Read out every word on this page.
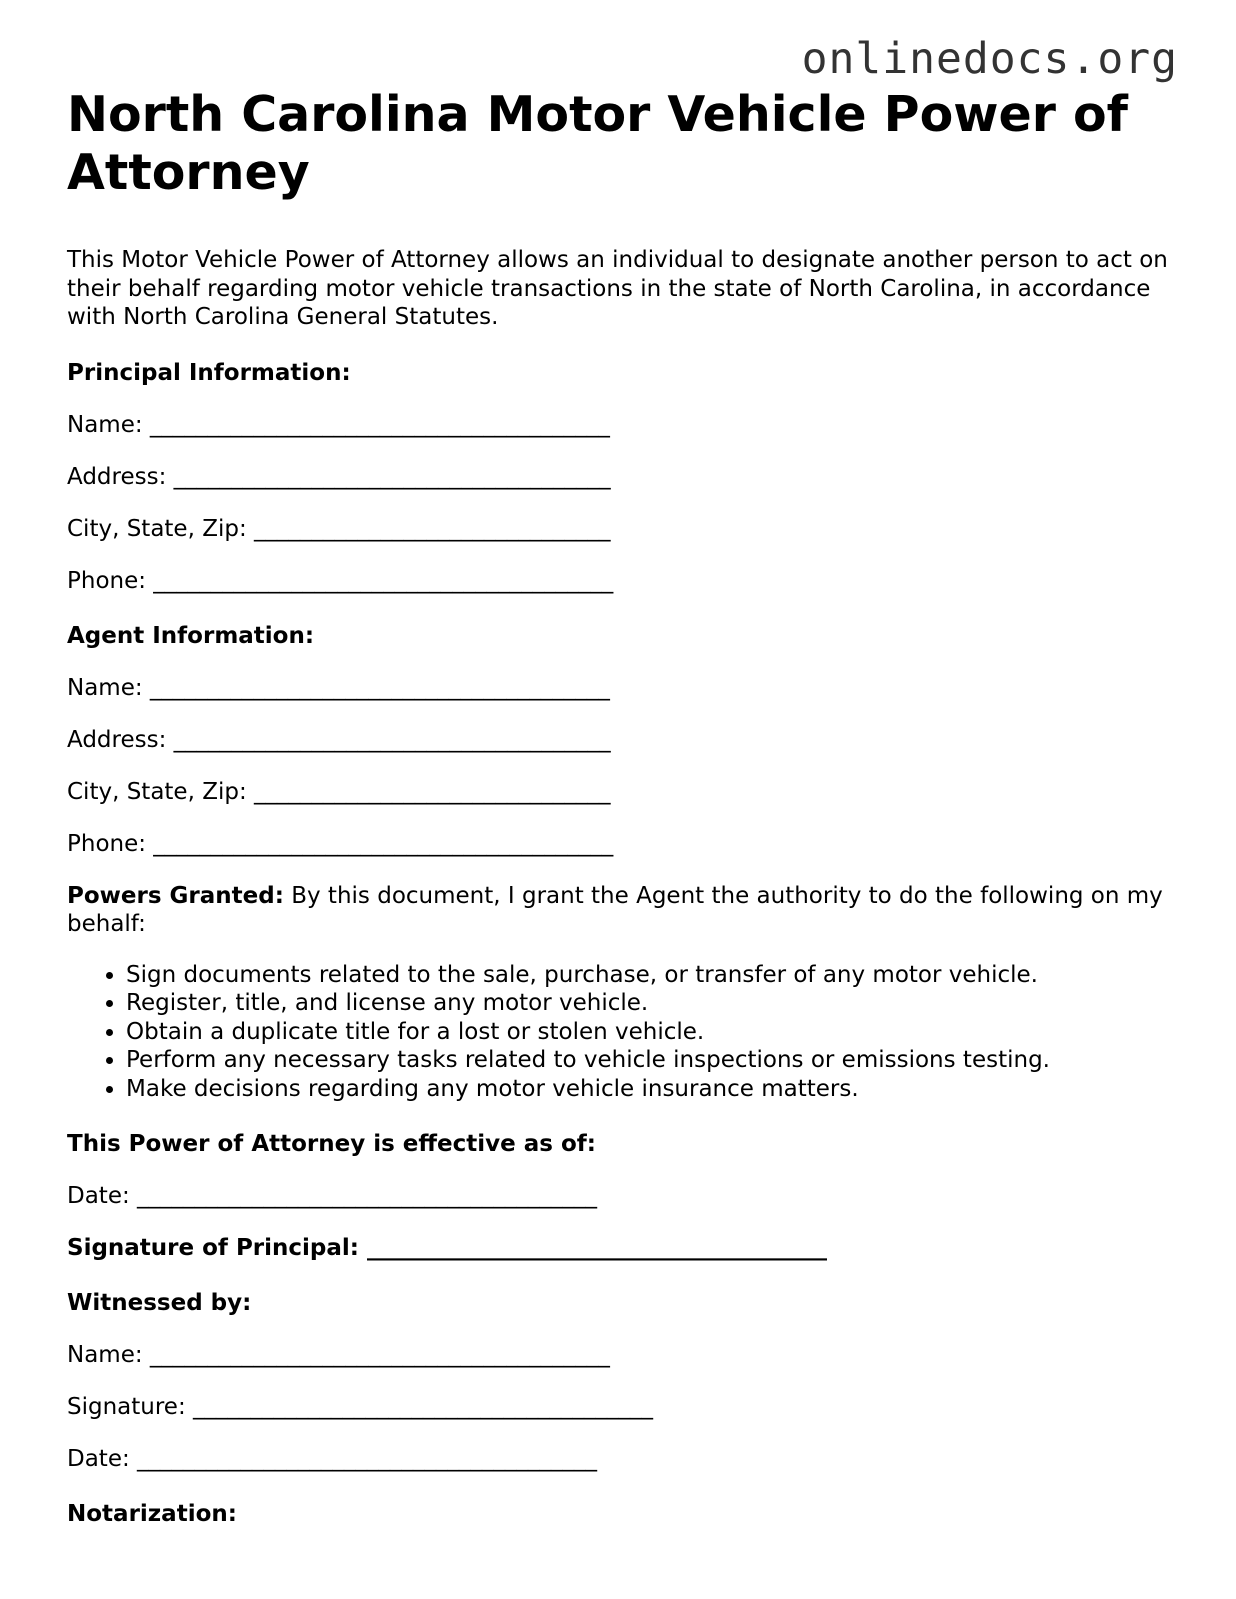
onlinedocs.org
North Carolina Motor Vehicle Power of Attorney

This Motor Vehicle Power of Attorney allows an individual to designate another person to act on their behalf regarding motor vehicle transactions in the state of North Carolina, in accordance with North Carolina General Statutes.

Principal Information:

Name: ________________________________________

Address: ______________________________________

City, State, Zip: _______________________________

Phone: ________________________________________

Agent Information:

Name: ________________________________________

Address: ______________________________________

City, State, Zip: _______________________________

Phone: ________________________________________

Powers Granted: By this document, I grant the Agent the authority to do the following on my behalf:

• Sign documents related to the sale, purchase, or transfer of any motor vehicle.
• Register, title, and license any motor vehicle.
• Obtain a duplicate title for a lost or stolen vehicle.
• Perform any necessary tasks related to vehicle inspections or emissions testing.
• Make decisions regarding any motor vehicle insurance matters.

This Power of Attorney is effective as of:

Date: ________________________________________

Signature of Principal: ________________________________________

Witnessed by:

Name: ________________________________________

Signature: ________________________________________

Date: ________________________________________

Notarization:
